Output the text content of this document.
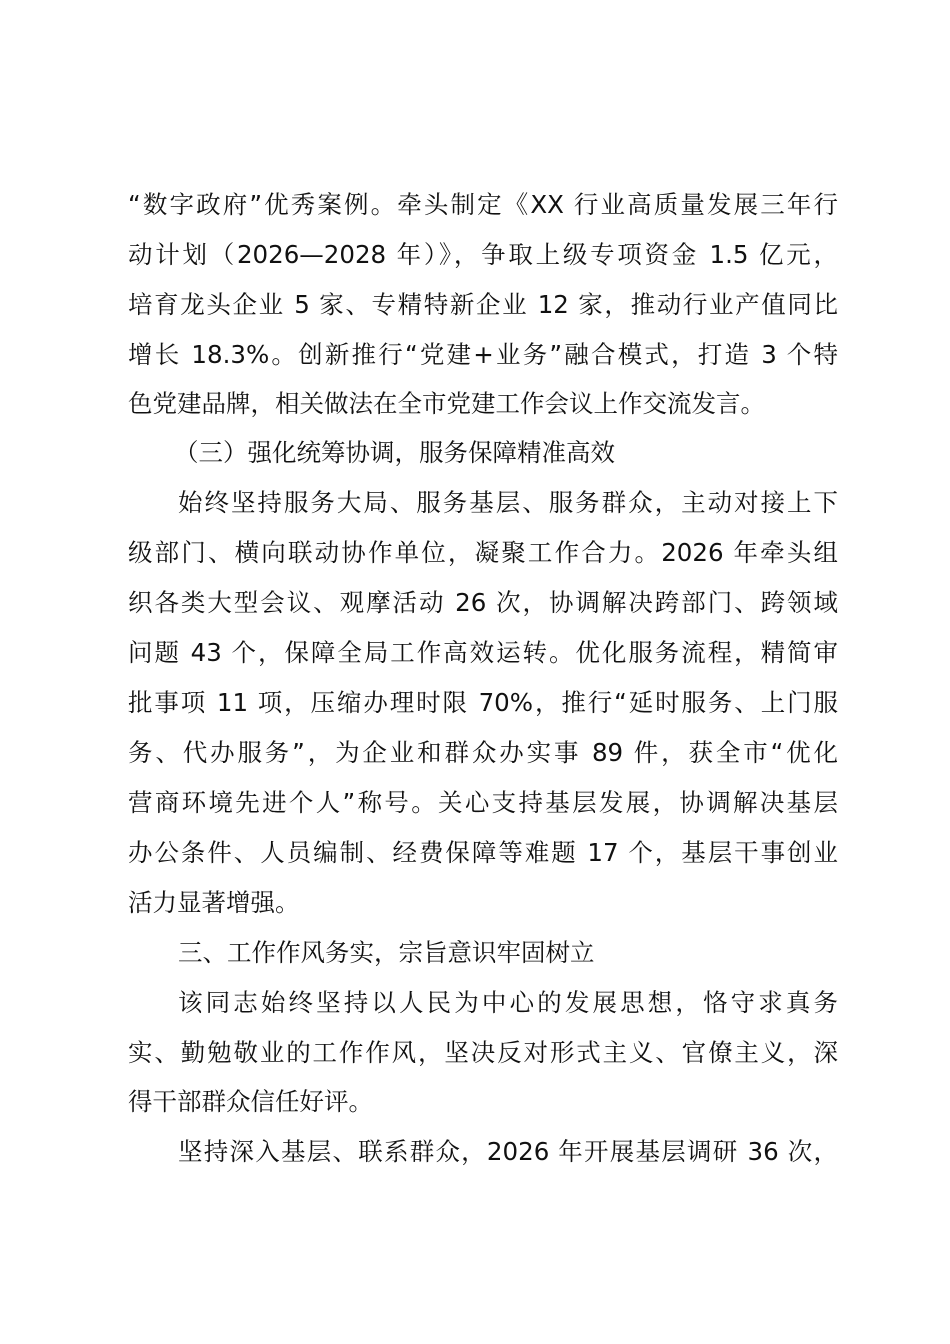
“数字政府”优秀案例。牵头制定《XX 行业高质量发展三年行
动计划（2026—2028 年）》，争取上级专项资金 1.5 亿元，
培育龙头企业 5 家、专精特新企业 12 家，推动行业产值同比
增长 18.3%。创新推行“党建+业务”融合模式，打造 3 个特
色党建品牌，相关做法在全市党建工作会议上作交流发言。
（三）强化统筹协调，服务保障精准高效
始终坚持服务大局、服务基层、服务群众，主动对接上下
级部门、横向联动协作单位，凝聚工作合力。2026 年牵头组
织各类大型会议、观摩活动 26 次，协调解决跨部门、跨领域
问题 43 个，保障全局工作高效运转。优化服务流程，精简审
批事项 11 项，压缩办理时限 70%，推行“延时服务、上门服
务、代办服务”，为企业和群众办实事 89 件，获全市“优化
营商环境先进个人”称号。关心支持基层发展，协调解决基层
办公条件、人员编制、经费保障等难题 17 个，基层干事创业
活力显著增强。
三、工作作风务实，宗旨意识牢固树立
该同志始终坚持以人民为中心的发展思想，恪守求真务
实、勤勉敬业的工作作风，坚决反对形式主义、官僚主义，深
得干部群众信任好评。
坚持深入基层、联系群众，2026 年开展基层调研 36 次，
